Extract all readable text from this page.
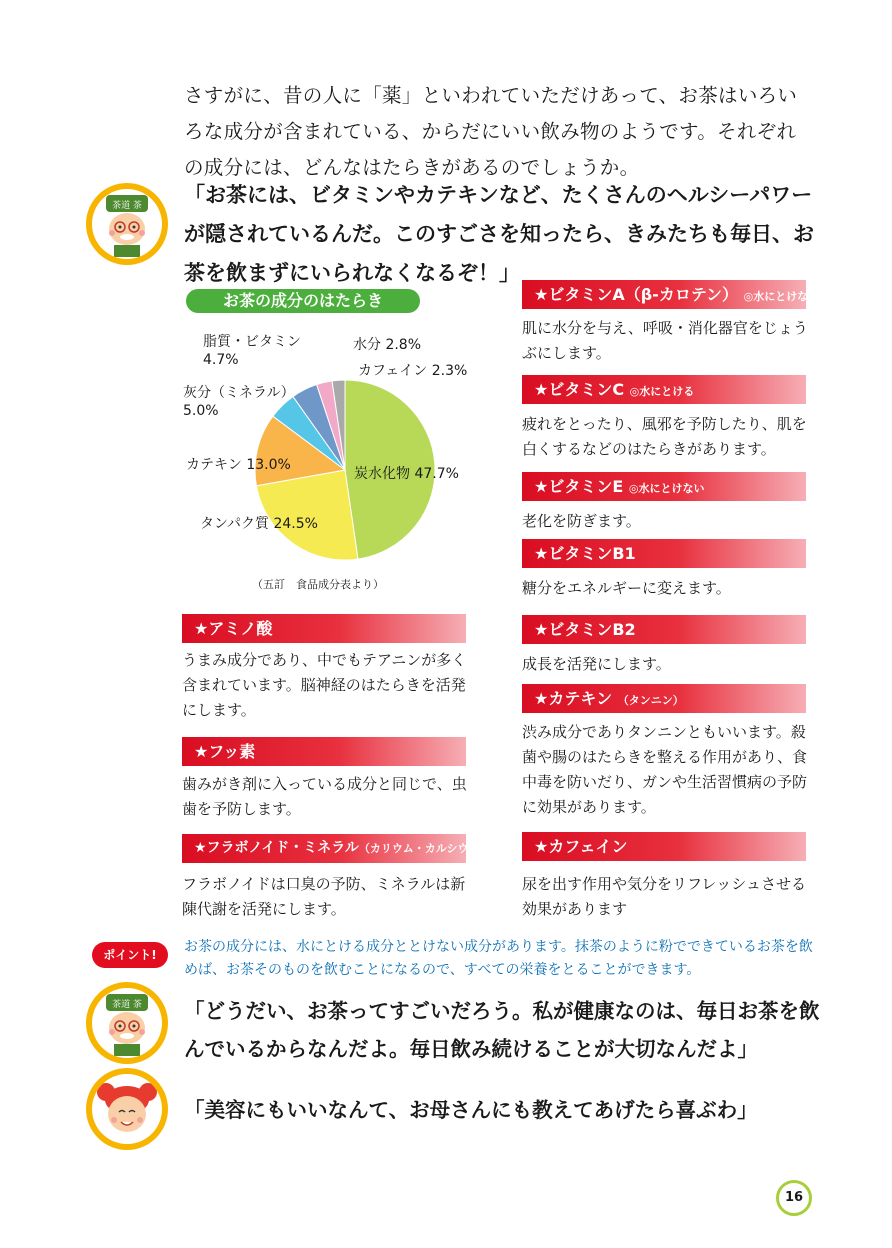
さすがに、昔の人に「薬」といわれていただけあって、お茶はいろいろな成分が含まれている、からだにいい飲み物のようです。それぞれの成分には、どんなはたらきがあるのでしょうか。
茶道 茶 「お茶には、ビタミンやカテキンなど、たくさんのヘルシーパワーが隠されているんだ。このすごさを知ったら、きみたちも毎日、お茶を飲まずにいられなくなるぞ！」
お茶の成分のはたらき
脂質・ビタミン
4.7%
灰分（ミネラル）
5.0%
水分 2.8%
カフェイン 2.3%
カテキン 13.0%
炭水化物 47.7%
タンパク質 24.5%
（五訂　食品成分表より）
★ビタミンA（β-カロテン） ◎水にとけない
肌に水分を与え、呼吸・消化器官をじょうぶにします。
★ビタミンC ◎水にとける
疲れをとったり、風邪を予防したり、肌を白くするなどのはたらきがあります。
★ビタミンE ◎水にとけない
老化を防ぎます。
★ビタミンB1
糖分をエネルギーに変えます。
★ビタミンB2
成長を活発にします。
★カテキン （タンニン）
渋み成分でありタンニンともいいます。殺菌や腸のはたらきを整える作用があり、食中毒を防いだり、ガンや生活習慣病の予防に効果があります。
★カフェイン
尿を出す作用や気分をリフレッシュさせる効果があります
★アミノ酸
うまみ成分であり、中でもテアニンが多く含まれています。脳神経のはたらきを活発にします。
★フッ素
歯みがき剤に入っている成分と同じで、虫歯を予防します。
★フラボノイド・ミネラル（カリウム・カルシウムなど）
フラボノイドは口臭の予防、ミネラルは新陳代謝を活発にします。
ポイント!	お茶の成分には、水にとける成分ととけない成分があります。抹茶のように粉でできているお茶を飲めば、お茶そのものを飲むことになるので、すべての栄養をとることができます。
茶道 茶 「どうだい、お茶ってすごいだろう。私が健康なのは、毎日お茶を飲んでいるからなんだよ。毎日飲み続けることが大切なんだよ」
「美容にもいいなんて、お母さんにも教えてあげたら喜ぶわ」
16
